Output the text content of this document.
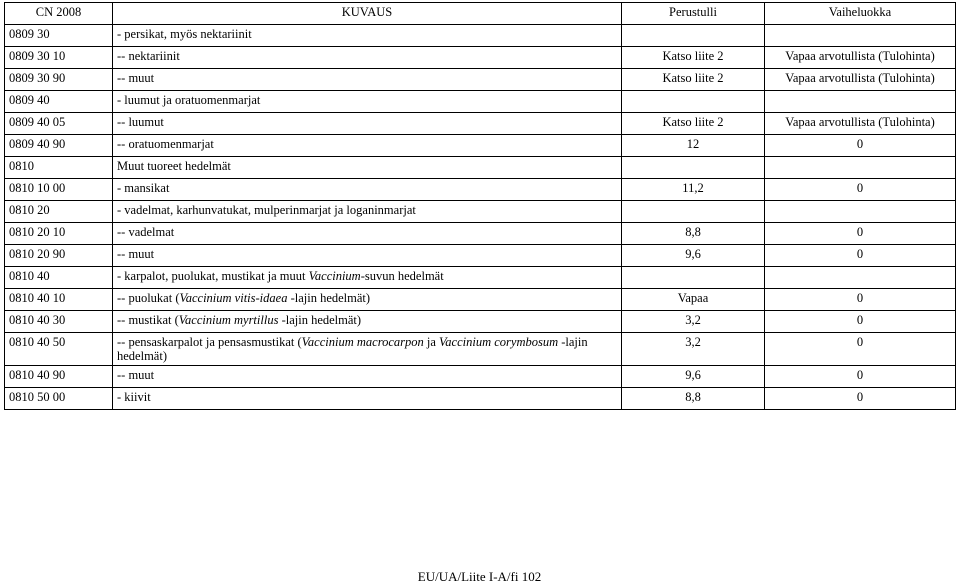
CN 2008	KUVAUS	Perustulli	Vaiheluokka
0809 30	- persikat, myös nektariinit		
0809 30 10	-- nektariinit	Katso liite 2	Vapaa arvotullista (Tulohinta)
0809 30 90	-- muut	Katso liite 2	Vapaa arvotullista (Tulohinta)
0809 40	- luumut ja oratuomenmarjat		
0809 40 05	-- luumut	Katso liite 2	Vapaa arvotullista (Tulohinta)
0809 40 90	-- oratuomenmarjat	12	0
0810	Muut tuoreet hedelmät		
0810 10 00	- mansikat	11,2	0
0810 20	- vadelmat, karhunvatukat, mulperinmarjat ja loganinmarjat		
0810 20 10	-- vadelmat	8,8	0
0810 20 90	-- muut	9,6	0
0810 40	- karpalot, puolukat, mustikat ja muut Vaccinium-suvun hedelmät		
0810 40 10	-- puolukat (Vaccinium vitis-idaea -lajin hedelmät)	Vapaa	0
0810 40 30	-- mustikat (Vaccinium myrtillus -lajin hedelmät)	3,2	0
0810 40 50	-- pensaskarpalot ja pensasmustikat (Vaccinium macrocarpon ja Vaccinium corymbosum -lajin hedelmät)	3,2	0
0810 40 90	-- muut	9,6	0
0810 50 00	- kiivit	8,8	0
EU/UA/Liite I-A/fi 102
